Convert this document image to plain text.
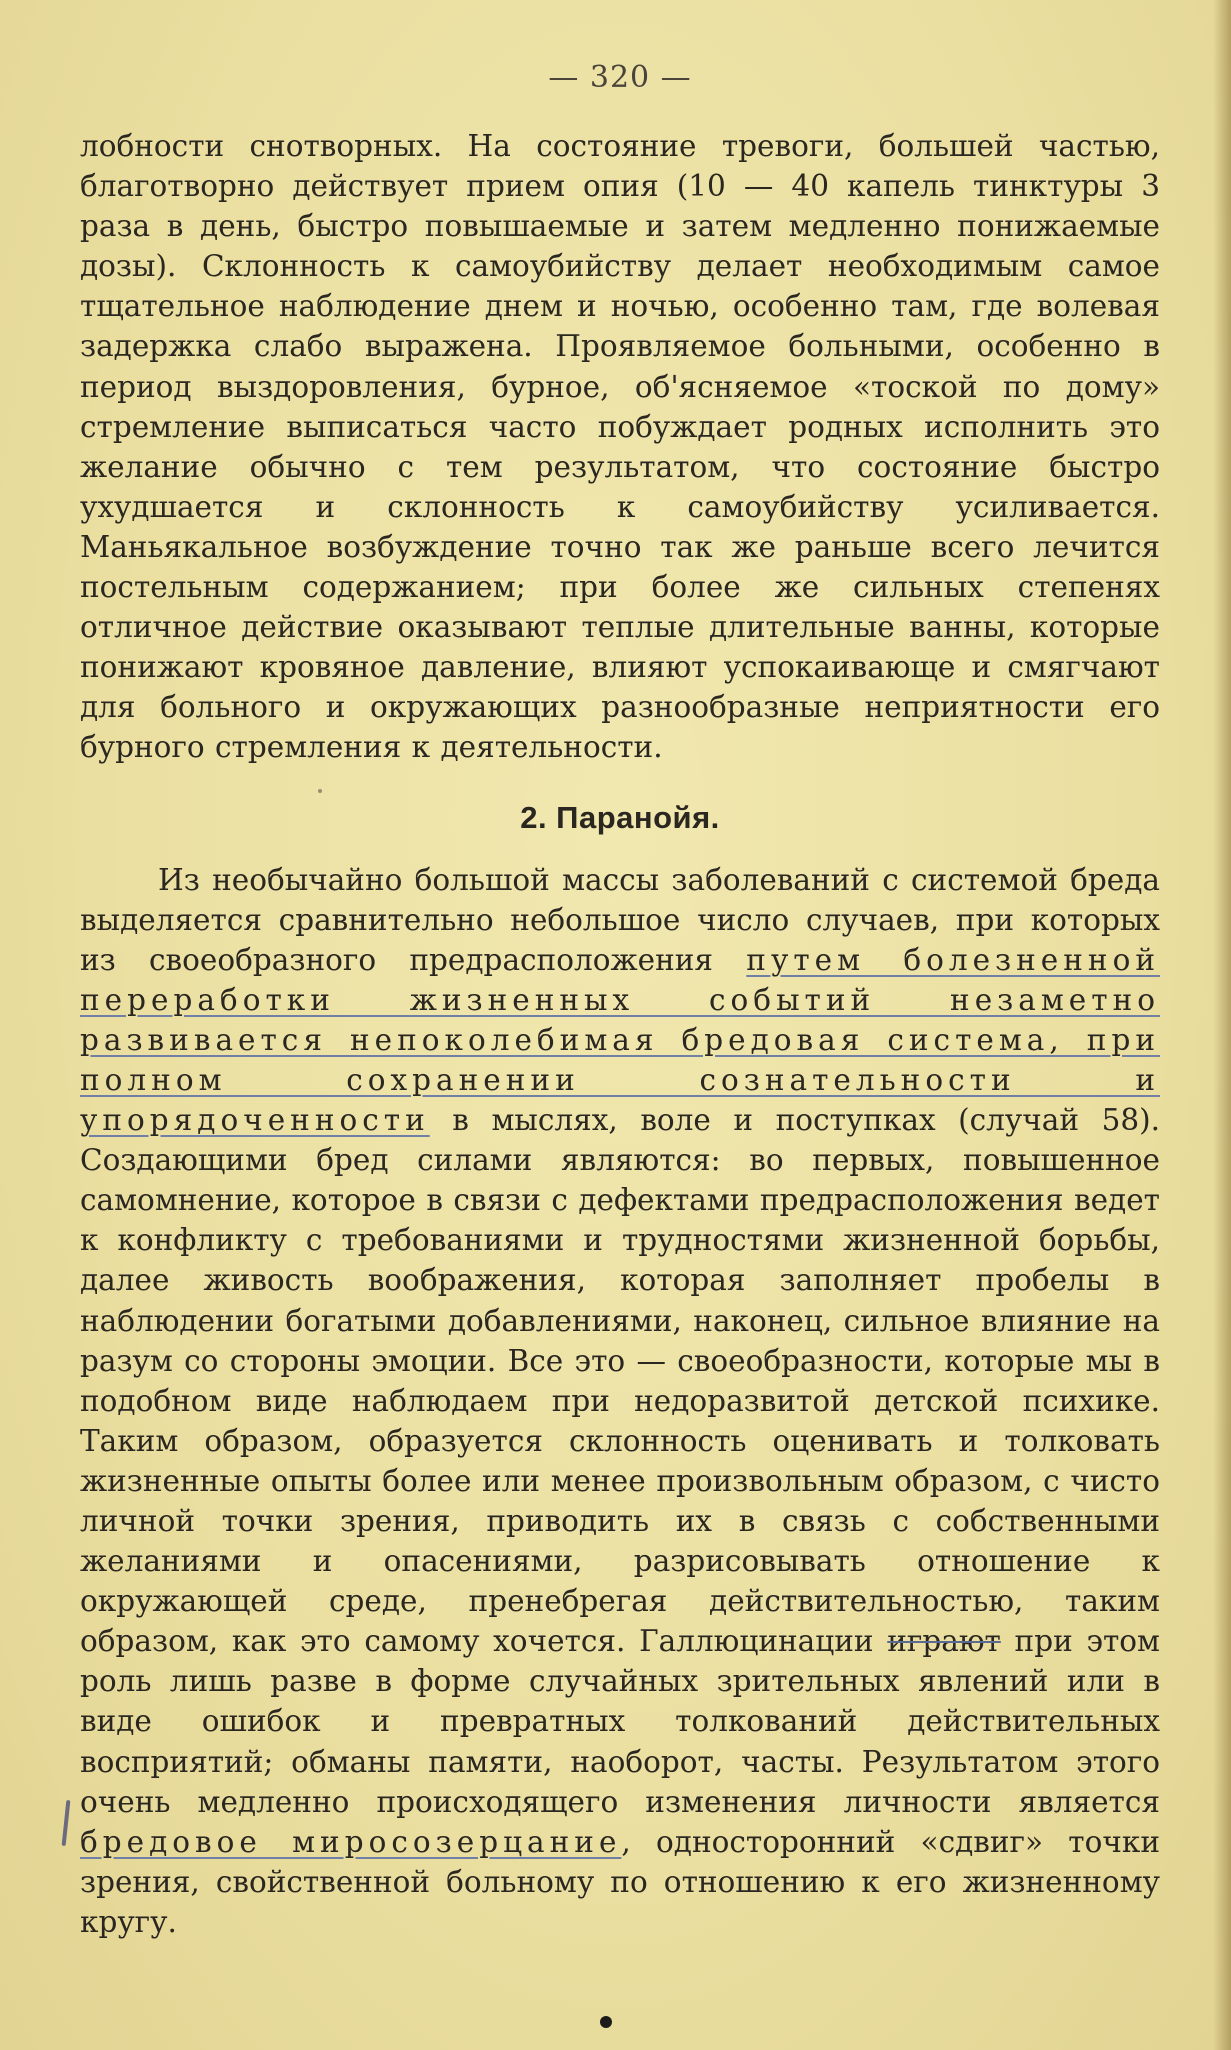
— 320 —

лобности снотворных. На состояние тревоги, большей частью, благотворно действует прием опия (10 — 40 капель тинктуры 3 раза в день, быстро повышаемые и затем медленно понижаемые дозы). Склонность к самоубийству делает необходимым самое тщательное наблюдение днем и ночью, особенно там, где волевая задержка слабо выражена. Проявляемое больными, особенно в период выздоровления, бурное, об'ясняемое «тоской по дому» стремление выписаться часто побуждает родных исполнить это желание обычно с тем результатом, что состояние быстро ухудшается и склонность к самоубийству усиливается. Маньякальное возбуждение точно так же раньше всего лечится постельным содержанием; при более же сильных степенях отличное действие оказывают теплые длительные ванны, которые понижают кровяное давление, влияют успокаивающе и смягчают для больного и окружающих разнообразные неприятности его бурного стремления к деятельности.

2. Паранойя.

Из необычайно большой массы заболеваний с системой бреда выделяется сравнительно небольшое число случаев, при которых из своеобразного предрасположения путем болезненной переработки жизненных событий незаметно развивается непоколебимая бредовая система, при полном сохранении сознательности и упорядоченности в мыслях, воле и поступках (случай 58). Создающими бред силами являются: во первых, повышенное самомнение, которое в связи с дефектами предрасположения ведет к конфликту с требованиями и трудностями жизненной борьбы, далее живость воображения, которая заполняет пробелы в наблюдении богатыми добавлениями, наконец, сильное влияние на разум со стороны эмоции. Все это — своеобразности, которые мы в подобном виде наблюдаем при недоразвитой детской психике. Таким образом, образуется склонность оценивать и толковать жизненные опыты более или менее произвольным образом, с чисто личной точки зрения, приводить их в связь с собственными желаниями и опасениями, разрисовывать отношение к окружающей среде, пренебрегая действительностью, таким образом, как это самому хочется. Галлюцинации играют при этом роль лишь разве в форме случайных зрительных явлений или в виде ошибок и превратных толкований действительных восприятий; обманы памяти, наоборот, часты. Результатом этого очень медленно происходящего изменения личности является бредовое миросозерцание, односторонний «сдвиг» точки зрения, свойственной больному по отношению к его жизненному кругу.
